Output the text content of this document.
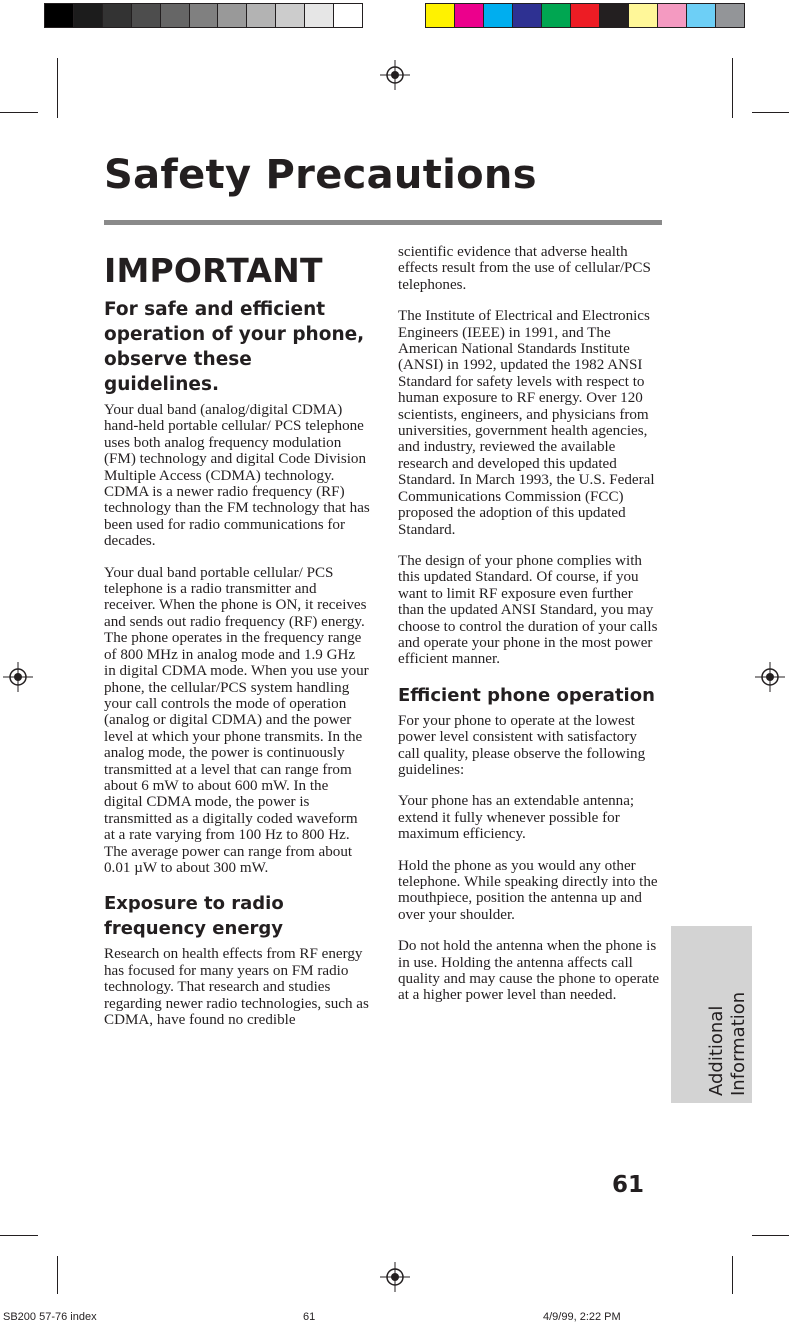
Safety Precautions
IMPORTANT
For safe and efficient operation of your phone, observe these guidelines.

Your dual band (analog/digital CDMA) hand-held portable cellular/ PCS telephone uses both analog frequency modulation (FM) technology and digital Code Division Multiple Access (CDMA) technology. CDMA is a newer radio frequency (RF) technology than the FM technology that has been used for radio communications for decades.

Your dual band portable cellular/ PCS telephone is a radio transmitter and receiver. When the phone is ON, it receives and sends out radio frequency (RF) energy. The phone operates in the frequency range of 800 MHz in analog mode and 1.9 GHz in digital CDMA mode. When you use your phone, the cellular/PCS system handling your call controls the mode of operation (analog or digital CDMA) and the power level at which your phone transmits. In the analog mode, the power is continuously transmitted at a level that can range from about 6 mW to about 600 mW. In the digital CDMA mode, the power is transmitted as a digitally coded waveform at a rate varying from 100 Hz to 800 Hz. The average power can range from about 0.01 µW to about 300 mW.

Exposure to radio frequency energy

Research on health effects from RF energy has focused for many years on FM radio technology. That research and studies regarding newer radio technologies, such as CDMA, have found no credible

scientific evidence that adverse health effects result from the use of cellular/PCS telephones.

The Institute of Electrical and Electronics Engineers (IEEE) in 1991, and The American National Standards Institute (ANSI) in 1992, updated the 1982 ANSI Standard for safety levels with respect to human exposure to RF energy. Over 120 scientists, engineers, and physicians from universities, government health agencies, and industry, reviewed the available research and developed this updated Standard. In March 1993, the U.S. Federal Communications Commission (FCC) proposed the adoption of this updated Standard.

The design of your phone complies with this updated Standard. Of course, if you want to limit RF exposure even further than the updated ANSI Standard, you may choose to control the duration of your calls and operate your phone in the most power efficient manner.

Efficient phone operation

For your phone to operate at the lowest power level consistent with satisfactory call quality, please observe the following guidelines:

Your phone has an extendable antenna; extend it fully whenever possible for maximum efficiency.

Hold the phone as you would any other telephone. While speaking directly into the mouthpiece, position the antenna up and over your shoulder.

Do not hold the antenna when the phone is in use. Holding the antenna affects call quality and may cause the phone to operate at a higher power level than needed.

Additional Information
61
SB200 57-76 index	61	4/9/99, 2:22 PM
